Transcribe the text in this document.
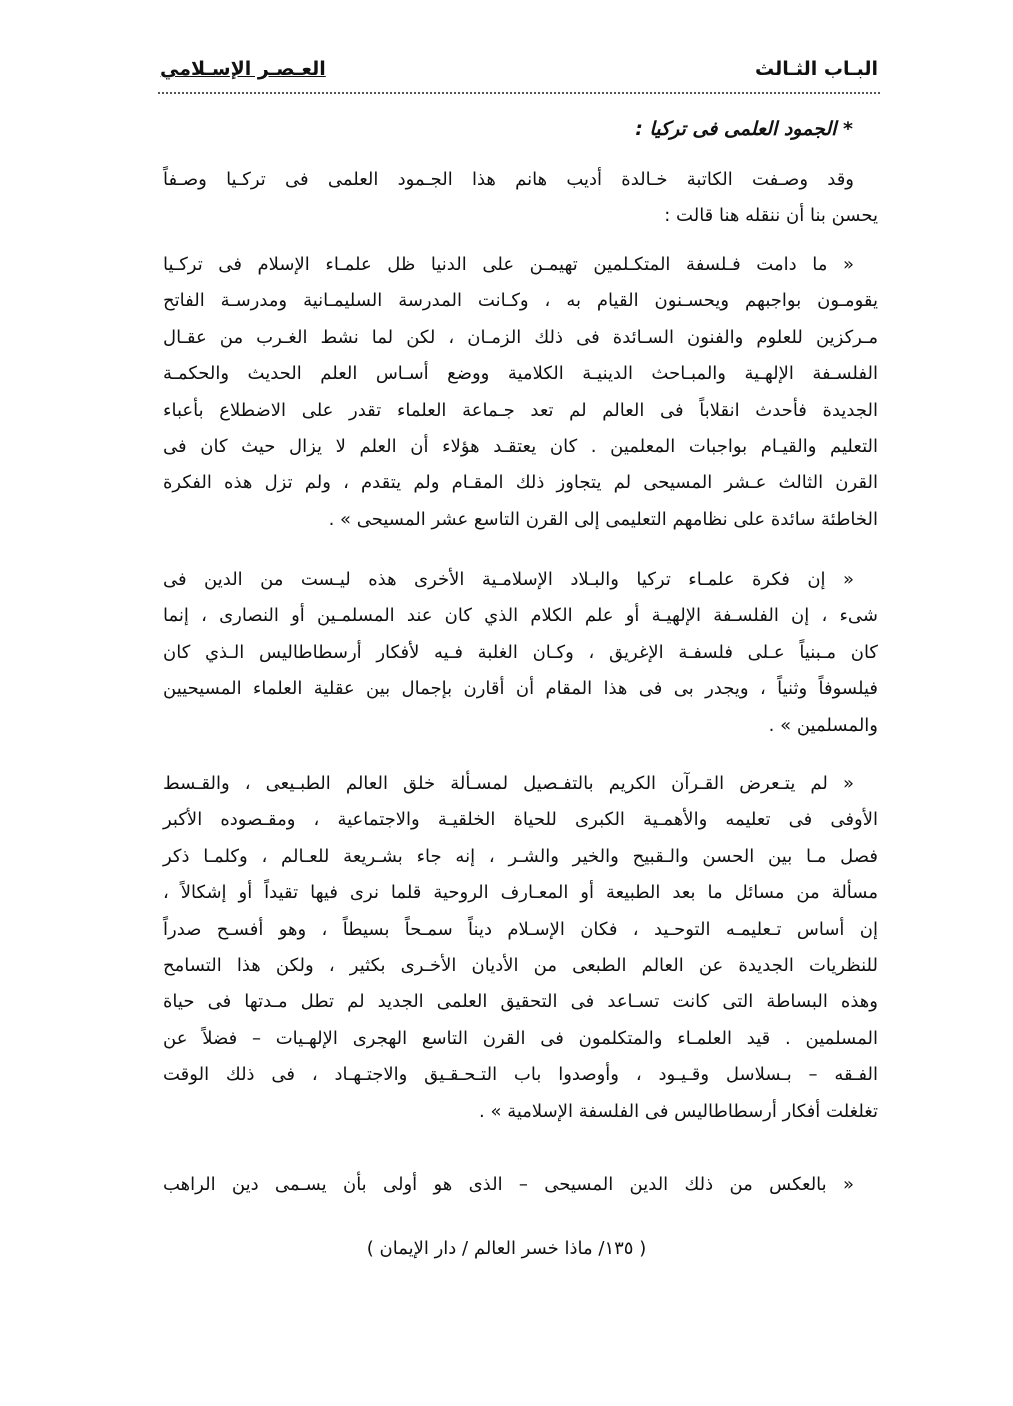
البـاب الثـالث
العـصـر الإسـلامي
* الجمود العلمى فى تركيا :
وقد وصـفت الكاتبة خـالدة أديب هانم هذا الجـمود العلمى فى تركـيا وصـفاً
يحسن بنا أن ننقله هنا قالت :
« ما دامت فـلسفة المتكـلمين تهيمـن على الدنيا ظل علمـاء الإسلام فى تركـيا
يقومـون بواجبهم ويحسـنون القيام به ، وكـانت المدرسة السليمـانية ومدرسـة الفاتح
مـركزين للعلوم والفنون السـائدة فى ذلك الزمـان ، لكن لما نشط الغـرب من عقـال
الفلسـفة الإلهـية والمبـاحث الدينيـة الكلامية ووضع أسـاس العلم الحديث والحكمـة
الجديدة فأحدث انقلاباً فى العالم لم تعد جـماعة العلماء تقدر على الاضطلاع بأعباء
التعليم والقيـام بواجبات المعلمين . كان يعتقـد هؤلاء أن العلم لا يزال حيث كان فى
القرن الثالث عـشر المسيحى لم يتجاوز ذلك المقـام ولم يتقدم ، ولم تزل هذه الفكرة
الخاطئة سائدة على نظامهم التعليمى إلى القرن التاسع عشر المسيحى » .
« إن فكرة علمـاء تركيا والبـلاد الإسلامـية الأخرى هذه ليـست من الدين فى
شىء ، إن الفلسـفة الإلهيـة أو علم الكلام الذي كان عند المسلمـين أو النصارى ، إنما
كان مـبنياً عـلى فلسفـة الإغريق ، وكـان الغلبة فـيه لأفكار أرسطاطاليس الـذي كان
فيلسوفاً وثنياً ، ويجدر بى فى هذا المقام أن أقارن بإجمال بين عقلية العلماء المسيحيين
والمسلمين » .
« لم يتـعرض القـرآن الكريم بالتفـصيل لمسـألة خلق العالم الطبـيعى ، والقـسط
الأوفى فى تعليمه والأهمـية الكبرى للحياة الخلقيـة والاجتماعية ، ومقـصوده الأكبر
فصل مـا بين الحسن والـقبيح والخير والشـر ، إنه جاء بشـريعة للعـالم ، وكلمـا ذكر
مسألة من مسائل ما بعد الطبيعة أو المعـارف الروحية قلما نرى فيها تقيداً أو إشكالاً ،
إن أساس تـعليمـه التوحـيد ، فكان الإسـلام ديناً سمـحاً بسيطاً ، وهو أفسـح صدراً
للنظريات الجديدة عن العالم الطبعى من الأديان الأخـرى بكثير ، ولكن هذا التسامح
وهذه البساطة التى كانت تسـاعد فى التحقيق العلمى الجديد لم تطل مـدتها فى حياة
المسلمين . قيد العلمـاء والمتكلمون فى القرن التاسع الهجرى الإلهـيات – فضلاً عن
الفـقه – بـسلاسل وقـيـود ، وأوصدوا باب التـحـقـيق والاجتـهـاد ، فى ذلك الوقت
تغلغلت أفكار أرسطاطاليس فى الفلسفة الإسلامية » .
« بالعكس من ذلك الدين المسيحى – الذى هو أولى بأن يسـمى دين الراهب
( ١٣٥/ ماذا خسر العالم / دار الإيمان )
